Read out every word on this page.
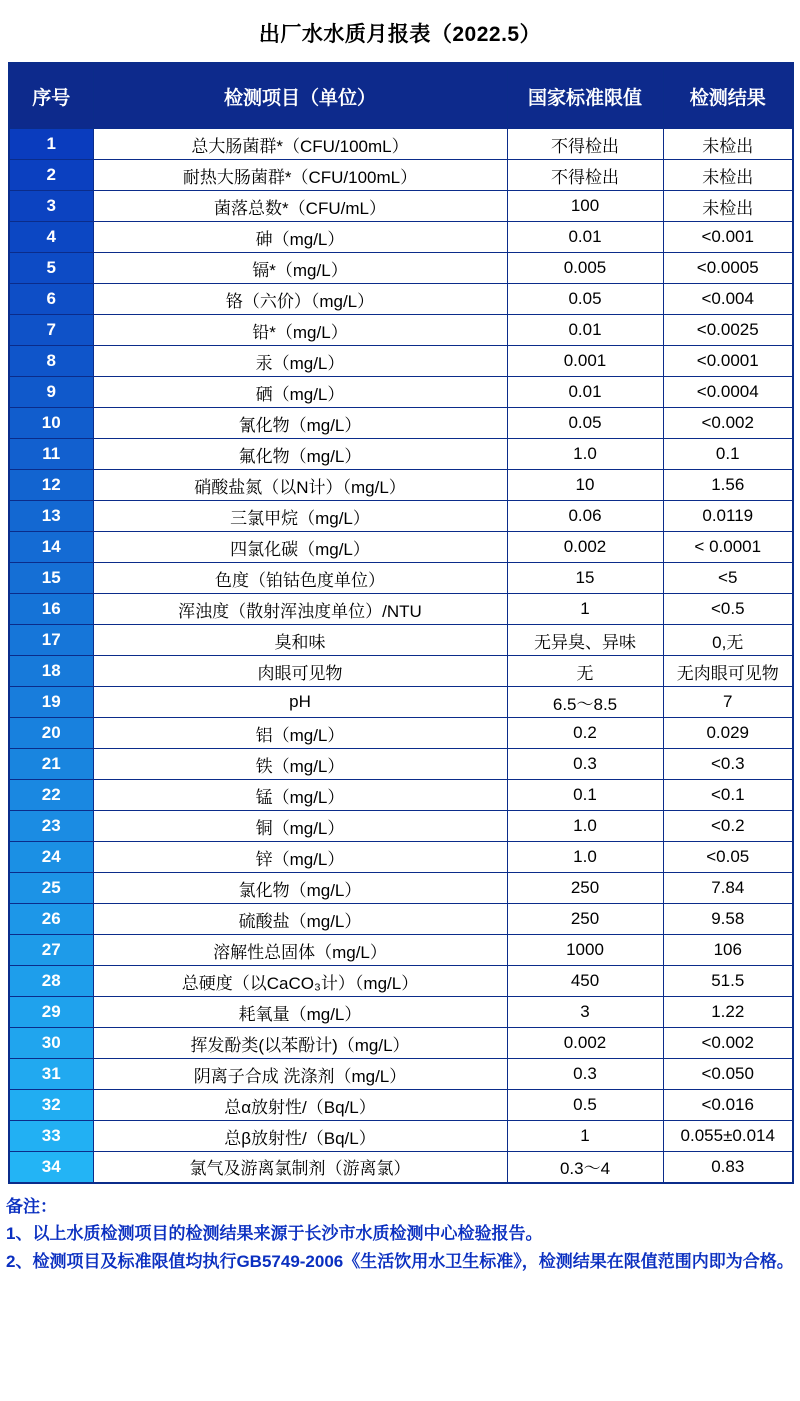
出厂水水质月报表（2022.5）
序号	检测项目（单位）	国家标准限值	检测结果
1	总大肠菌群*（CFU/100mL）	不得检出	未检出
2	耐热大肠菌群*（CFU/100mL）	不得检出	未检出
3	菌落总数*（CFU/mL）	100	未检出
4	砷（mg/L）	0.01	<0.001
5	镉*（mg/L）	0.005	<0.0005
6	铬（六价）（mg/L）	0.05	<0.004
7	铅*（mg/L）	0.01	<0.0025
8	汞（mg/L）	0.001	<0.0001
9	硒（mg/L）	0.01	<0.0004
10	氰化物（mg/L）	0.05	<0.002
11	氟化物（mg/L）	1.0	0.1
12	硝酸盐氮（以N计）（mg/L）	10	1.56
13	三氯甲烷（mg/L）	0.06	0.0119
14	四氯化碳（mg/L）	0.002	< 0.0001
15	色度（铂钴色度单位）	15	<5
16	浑浊度（散射浑浊度单位）/NTU	1	<0.5
17	臭和味	无异臭、异味	0,无
18	肉眼可见物	无	无肉眼可见物
19	pH	6.5～8.5	7
20	铝（mg/L）	0.2	0.029
21	铁（mg/L）	0.3	<0.3
22	锰（mg/L）	0.1	<0.1
23	铜（mg/L）	1.0	<0.2
24	锌（mg/L）	1.0	<0.05
25	氯化物（mg/L）	250	7.84
26	硫酸盐（mg/L）	250	9.58
27	溶解性总固体（mg/L）	1000	106
28	总硬度（以CaCO₃计）（mg/L）	450	51.5
29	耗氧量（mg/L）	3	1.22
30	挥发酚类(以苯酚计)（mg/L）	0.002	<0.002
31	阴离子合成 洗涤剂（mg/L）	0.3	<0.050
32	总α放射性/（Bq/L）	0.5	<0.016
33	总β放射性/（Bq/L）	1	0.055±0.014
34	氯气及游离氯制剂（游离氯）	0.3～4	0.83

备注：

1、以上水质检测项目的检测结果来源于长沙市水质检测中心检验报告。

2、检测项目及标准限值均执行GB5749-2006《生活饮用水卫生标准》，检测结果在限值范围内即为合格。
